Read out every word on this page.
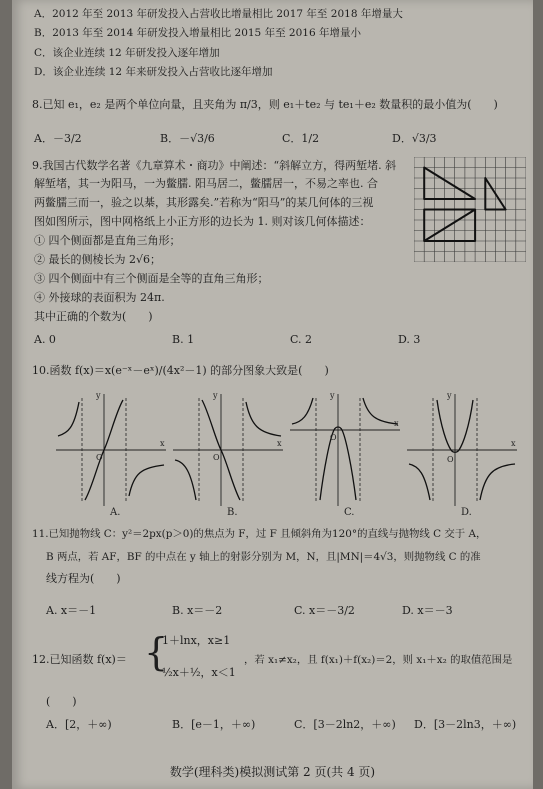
A．2012 年至 2013 年研发投入占营收比增量相比 2017 年至 2018 年增量大
B．2013 年至 2014 年研发投入增量相比 2015 年至 2016 年增量小
C．该企业连续 12 年研发投入逐年增加
D．该企业连续 12 年来研发投入占营收比逐年增加
8.已知 e₁，e₂ 是两个单位向量，且夹角为 π/3，则 e₁＋te₂ 与 te₁＋e₂ 数量积的最小值为(　　)
A．－3/2	B．－√3/6	C．1/2	D．√3/3
9.我国古代数学名著《九章算术・商功》中阐述：“斜解立方，得两堑堵. 斜
解堑堵，其一为阳马，一为鳖臑. 阳马居二，鳖臑居一，不易之率也. 合
两鳖臑三而一，验之以棊，其形露矣.”若称为“阳马”的某几何体的三视
图如图所示，图中网格纸上小正方形的边长为 1. 则对该几何体描述：
① 四个侧面都是直角三角形；
② 最长的侧棱长为 2√6；
③ 四个侧面中有三个侧面是全等的直角三角形；
④ 外接球的表面积为 24π.
其中正确的个数为(　　)
A. 0	B. 1	C. 2	D. 3
10.函数 f(x)＝x(e⁻ˣ－eˣ)/(4x²－1) 的部分图象大致是(　　)
y
x
O
A.
y
x
O
B.
y
x
O
C.
y
x
O
D.
11.已知抛物线 C：y²＝2px(p＞0)的焦点为 F，过 F 且倾斜角为120°的直线与抛物线 C 交于 A，
B 两点，若 AF，BF 的中点在 y 轴上的射影分别为 M，N，且|MN|＝4√3，则抛物线 C 的准
线方程为(　　)
A. x＝－1	B. x＝－2	C. x＝－3/2	D. x＝－3
12.已知函数 f(x)＝ {
1＋lnx，x≥1
½x＋½，x＜1
，若 x₁≠x₂，且 f(x₁)＋f(x₂)＝2，则 x₁＋x₂ 的取值范围是
(　　)
A．[2，＋∞)	B．[e－1，＋∞)	C．[3－2ln2，＋∞) D．[3－2ln3，＋∞)
数学(理科类)模拟测试第 2 页(共 4 页)
